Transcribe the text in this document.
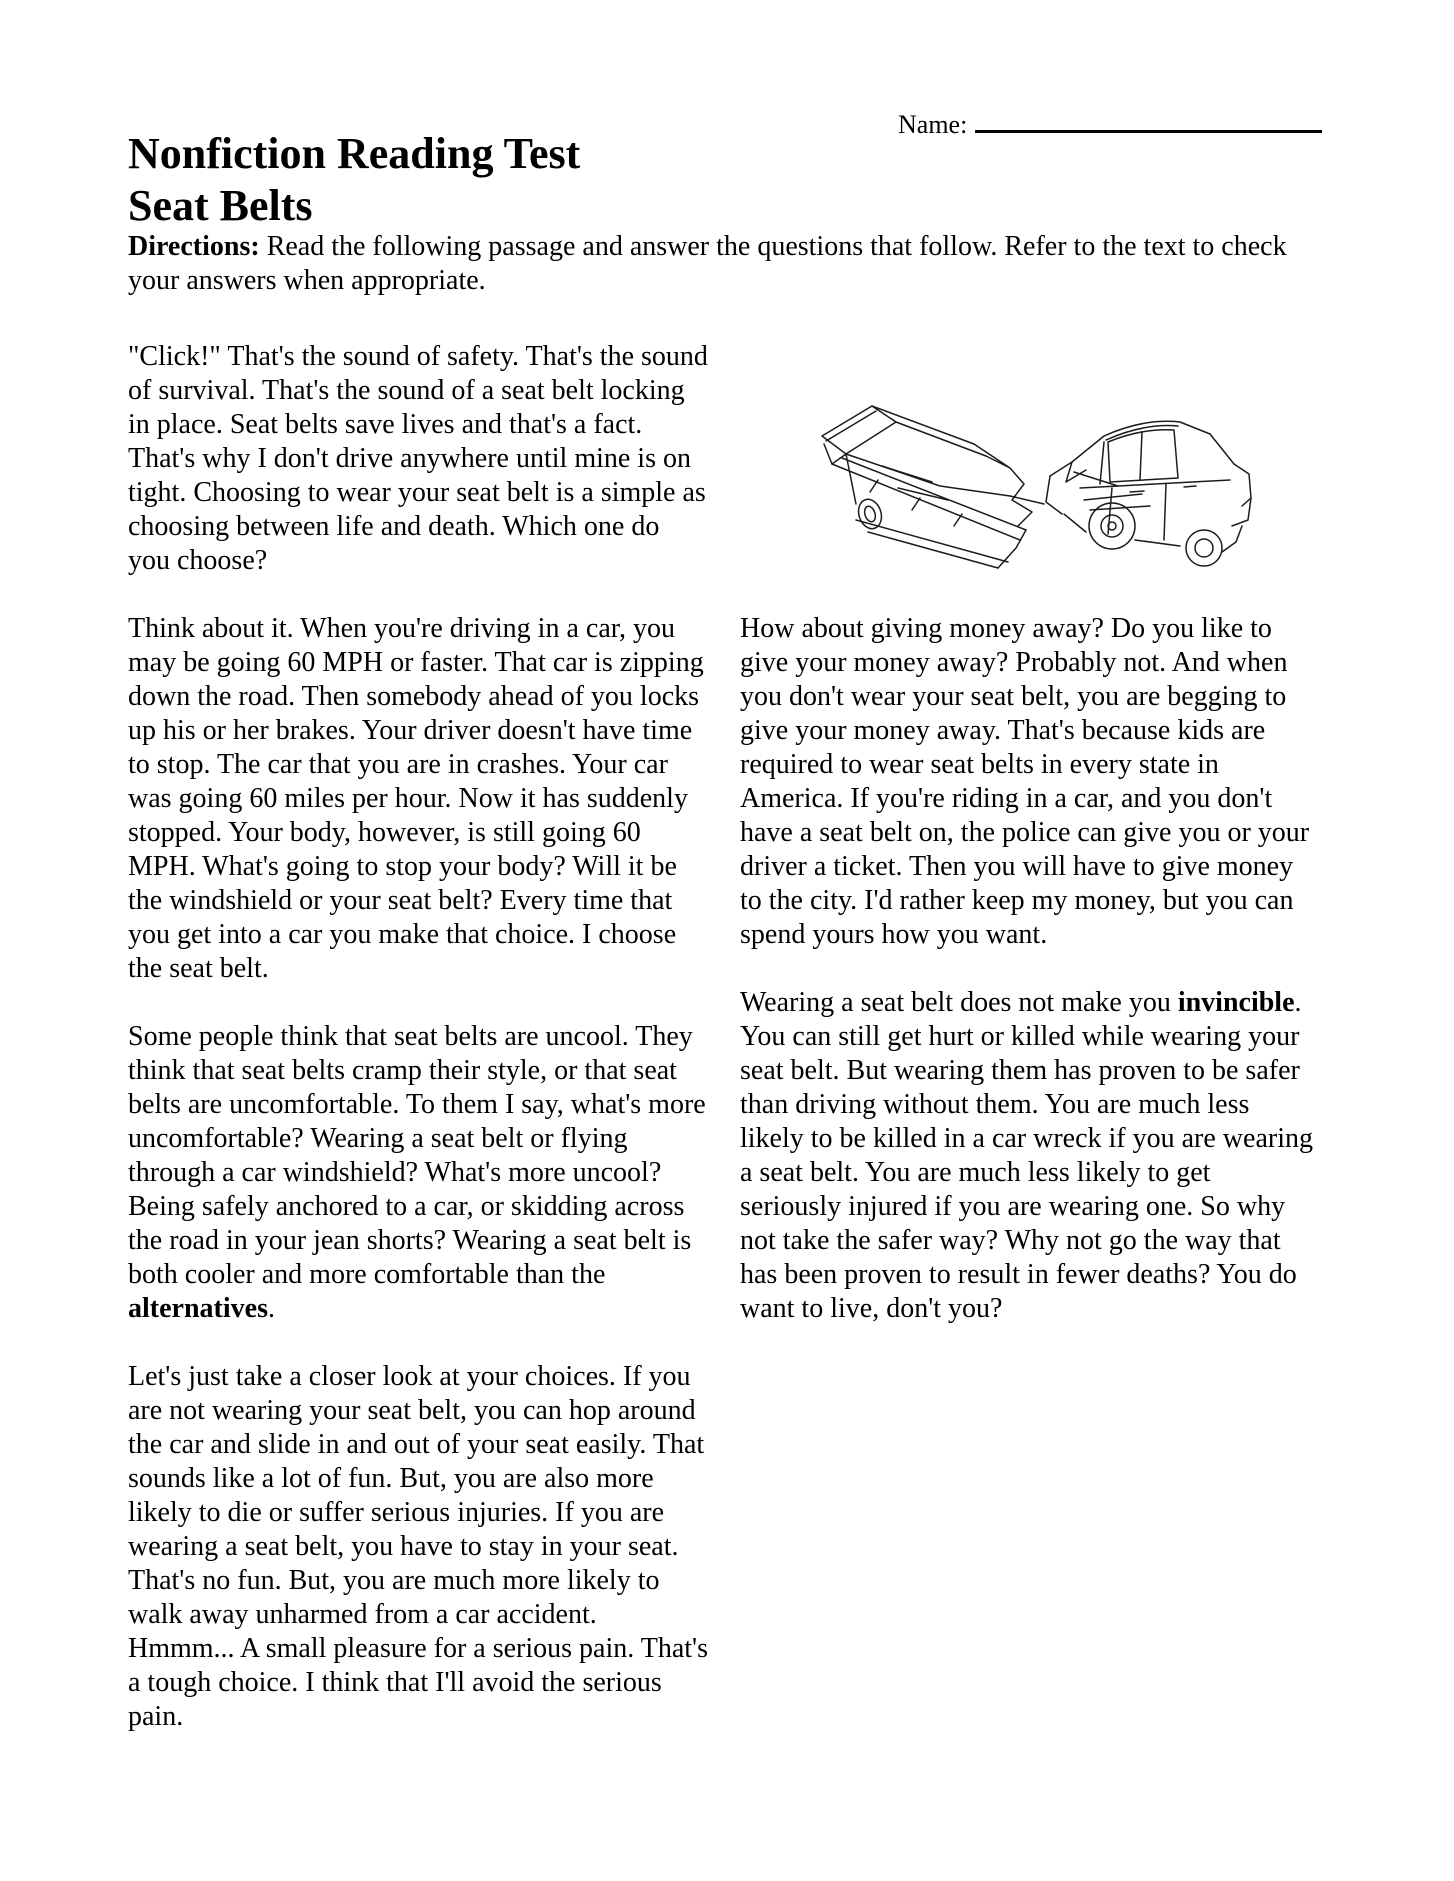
Name:
Nonfiction Reading Test
Seat Belts
Directions: Read the following passage and answer the questions that follow. Refer to the text to check your answers when appropriate.

"Click!" That's the sound of safety. That's the sound of survival. That's the sound of a seat belt locking in place. Seat belts save lives and that's a fact. That's why I don't drive anywhere until mine is on tight. Choosing to wear your seat belt is a simple as choosing between life and death. Which one do you choose?

Think about it. When you're driving in a car, you may be going 60 MPH or faster. That car is zipping down the road. Then somebody ahead of you locks up his or her brakes. Your driver doesn't have time to stop. The car that you are in crashes. Your car was going 60 miles per hour. Now it has suddenly stopped. Your body, however, is still going 60 MPH. What's going to stop your body? Will it be the windshield or your seat belt? Every time that you get into a car you make that choice. I choose the seat belt.

Some people think that seat belts are uncool. They think that seat belts cramp their style, or that seat belts are uncomfortable. To them I say, what's more uncomfortable? Wearing a seat belt or flying through a car windshield? What's more uncool? Being safely anchored to a car, or skidding across the road in your jean shorts? Wearing a seat belt is both cooler and more comfortable than the alternatives.

Let's just take a closer look at your choices. If you are not wearing your seat belt, you can hop around the car and slide in and out of your seat easily. That sounds like a lot of fun. But, you are also more likely to die or suffer serious injuries. If you are wearing a seat belt, you have to stay in your seat. That's no fun. But, you are much more likely to walk away unharmed from a car accident. Hmmm... A small pleasure for a serious pain. That's a tough choice. I think that I'll avoid the serious pain.

How about giving money away? Do you like to give your money away? Probably not. And when you don't wear your seat belt, you are begging to give your money away. That's because kids are required to wear seat belts in every state in America. If you're riding in a car, and you don't have a seat belt on, the police can give you or your driver a ticket. Then you will have to give money to the city. I'd rather keep my money, but you can spend yours how you want.

Wearing a seat belt does not make you invincible. You can still get hurt or killed while wearing your seat belt. But wearing them has proven to be safer than driving without them. You are much less likely to be killed in a car wreck if you are wearing a seat belt. You are much less likely to get seriously injured if you are wearing one. So why not take the safer way? Why not go the way that has been proven to result in fewer deaths? You do want to live, don't you?
